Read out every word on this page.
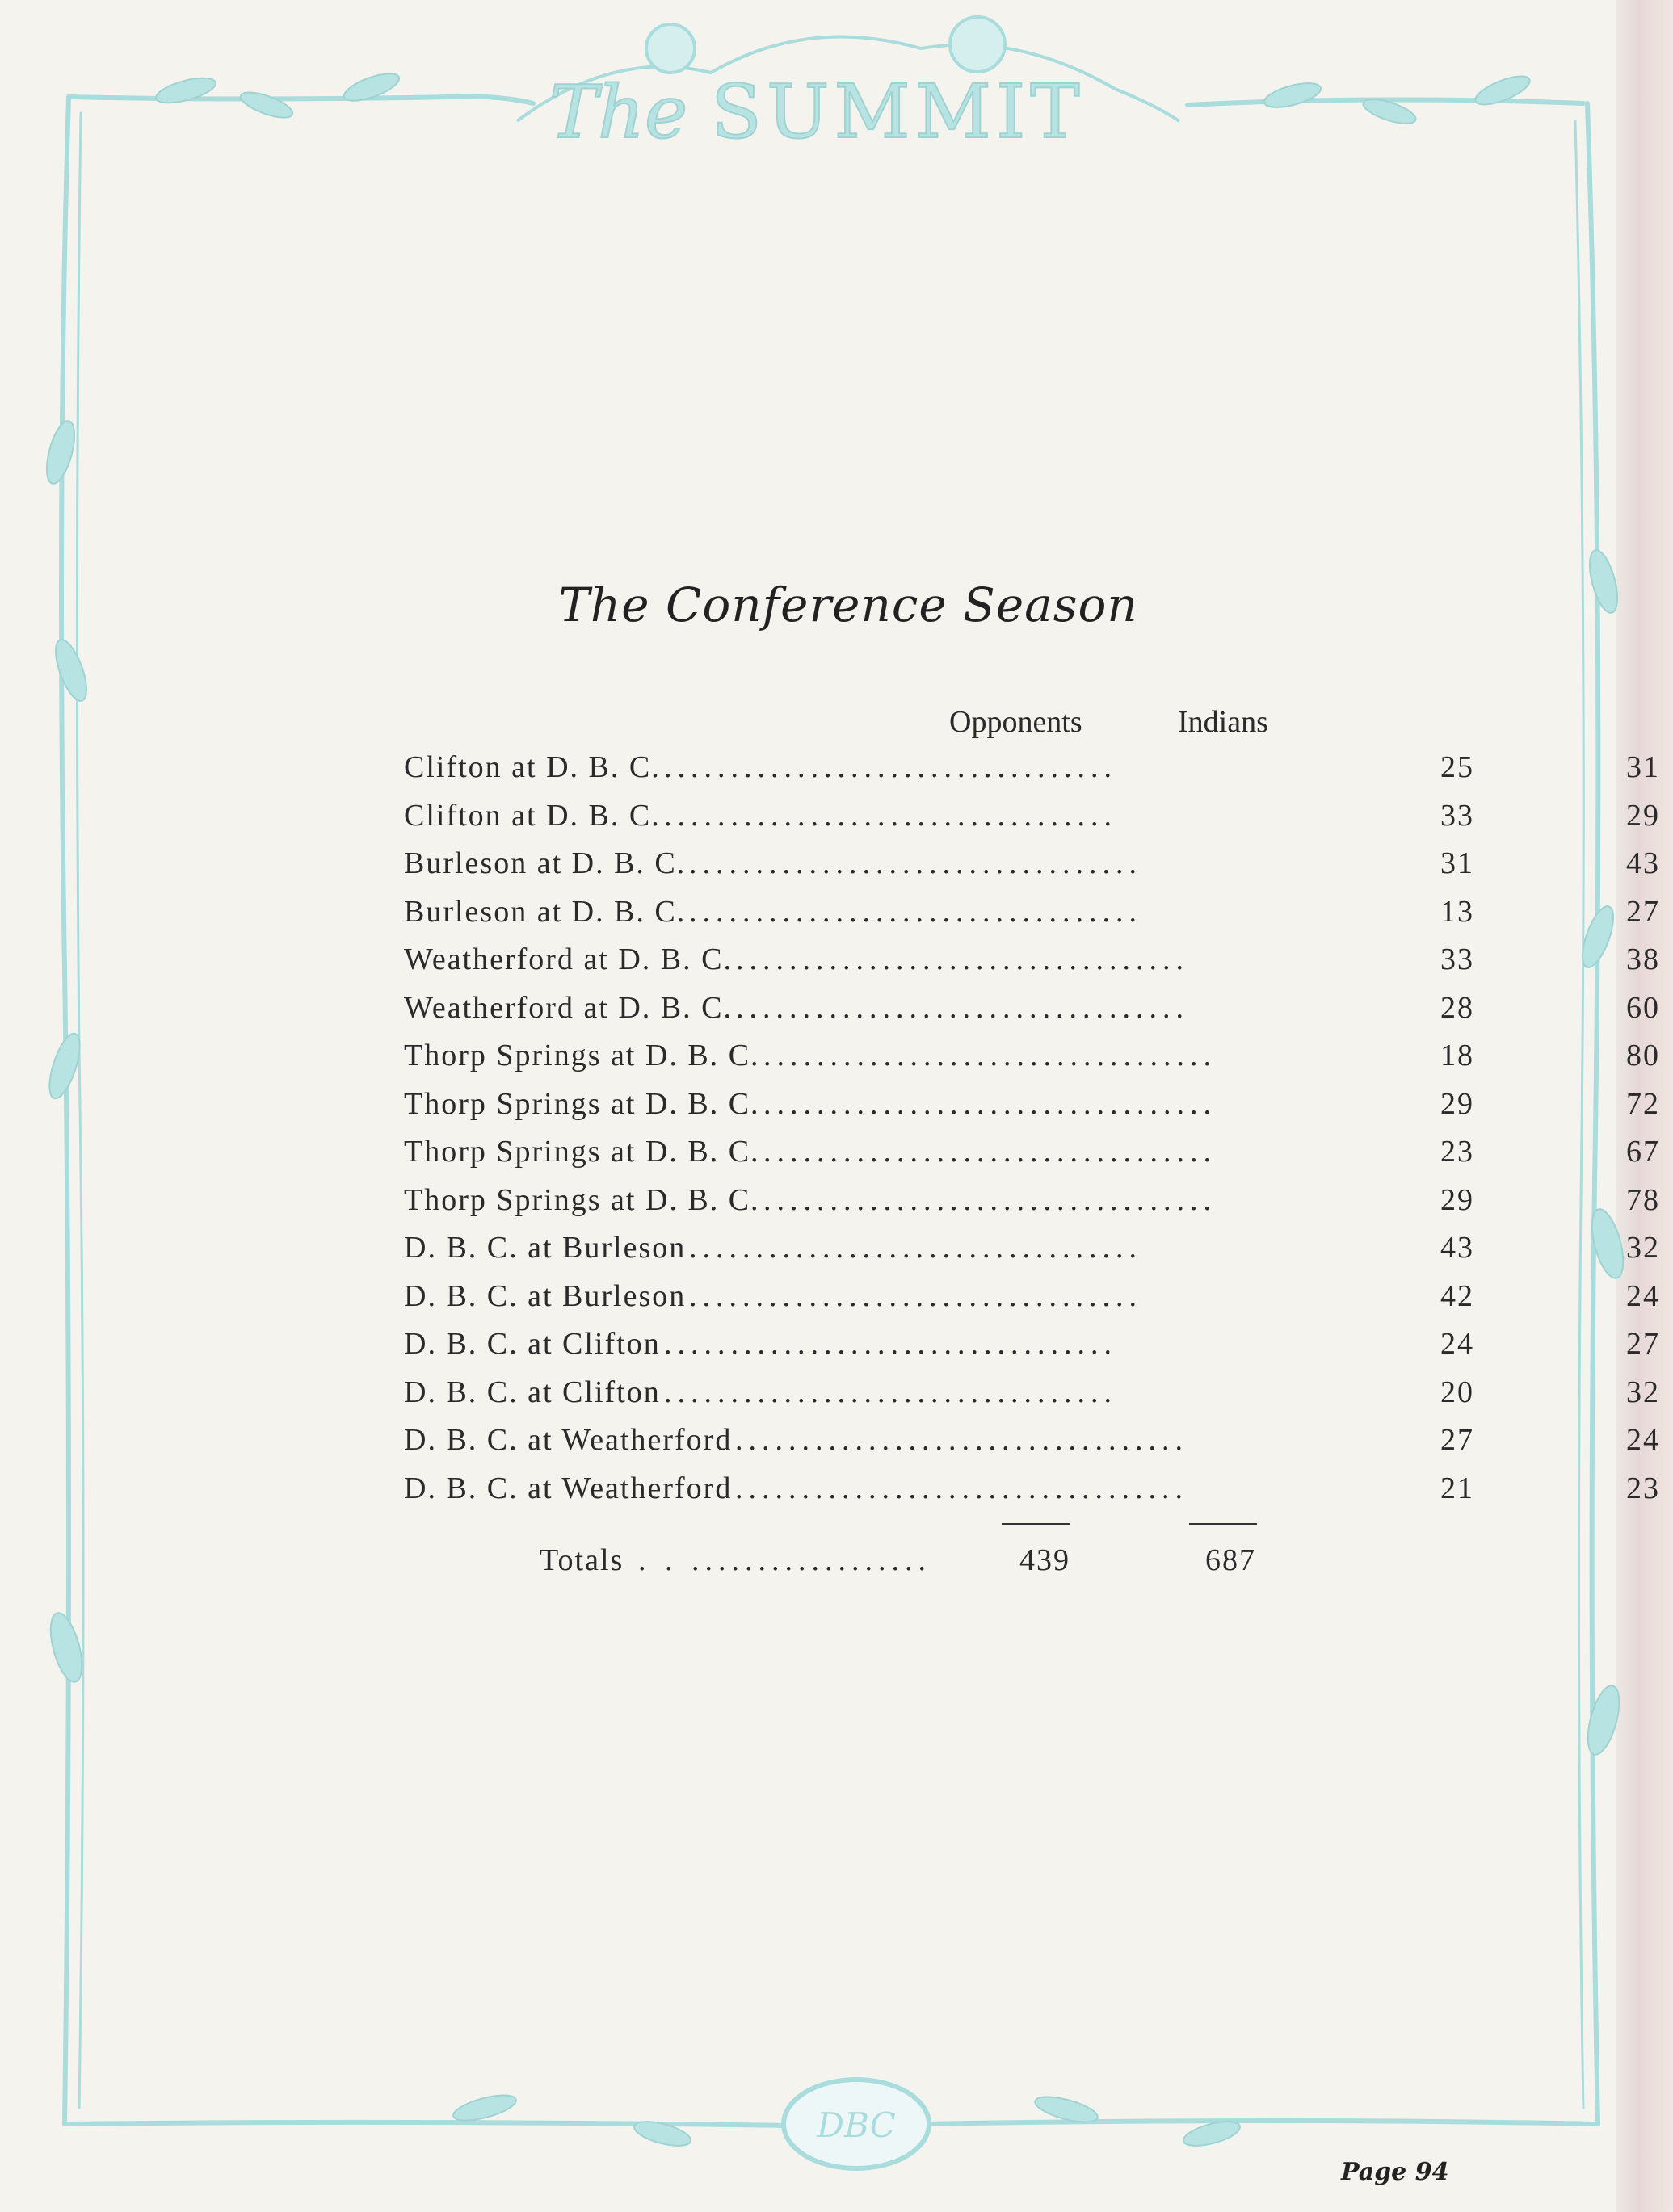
The SUMMIT
DBC
The Conference Season
Opponents	Indians
Clifton at D. B. C. ..................................	25	31
Clifton at D. B. C. ..................................	33	29
Burleson at D. B. C. ..................................	31	43
Burleson at D. B. C. ..................................	13	27
Weatherford at D. B. C. ..................................	33	38
Weatherford at D. B. C. ..................................	28	60
Thorp Springs at D. B. C. ..................................	18	80
Thorp Springs at D. B. C. ..................................	29	72
Thorp Springs at D. B. C. ..................................	23	67
Thorp Springs at D. B. C. ..................................	29	78
D. B. C. at Burleson ..................................	43	32
D. B. C. at Burleson ..................................	42	24
D. B. C. at Clifton ..................................	24	27
D. B. C. at Clifton ..................................	20	32
D. B. C. at Weatherford ..................................	27	24
D. B. C. at Weatherford ..................................	21	23
Totals . . ..................	439	687
Page 94
